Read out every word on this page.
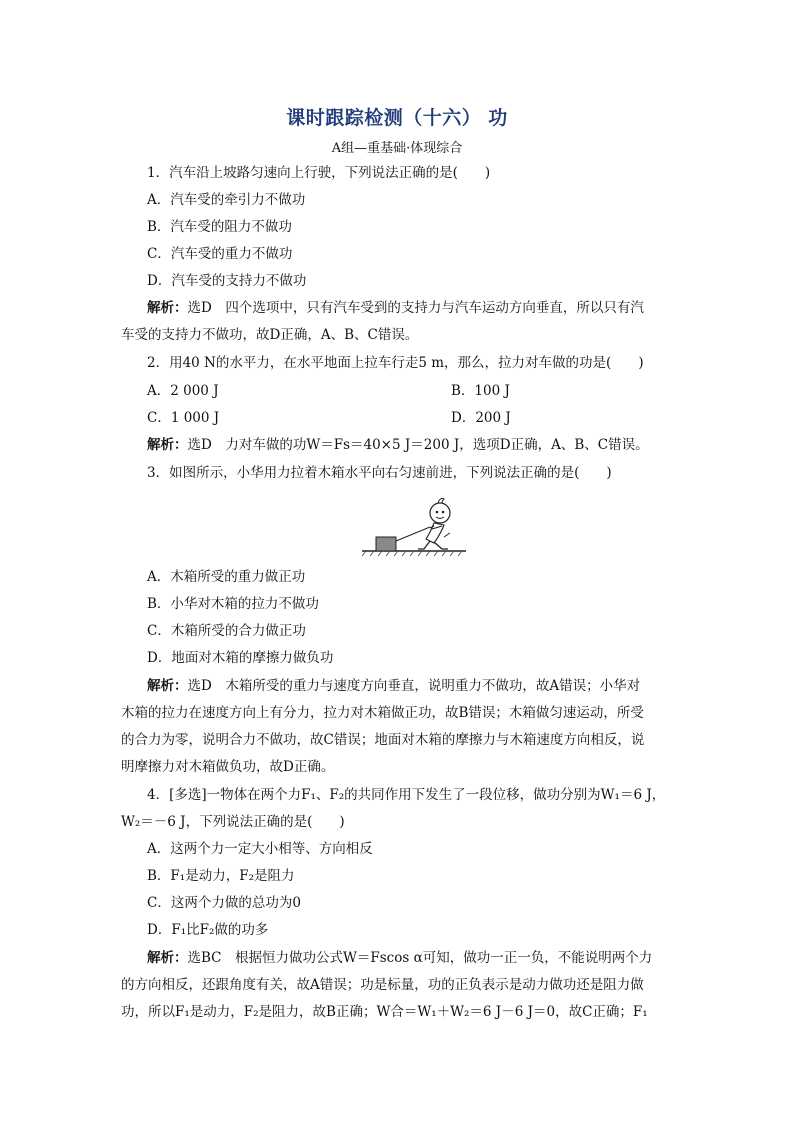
课时跟踪检测（十六） 功
A组—重基础·体现综合
1．汽车沿上坡路匀速向上行驶，下列说法正确的是(　　)
A．汽车受的牵引力不做功
B．汽车受的阻力不做功
C．汽车受的重力不做功
D．汽车受的支持力不做功
解析：选D　四个选项中，只有汽车受到的支持力与汽车运动方向垂直，所以只有汽
车受的支持力不做功，故D正确，A、B、C错误。
2．用40 N的水平力，在水平地面上拉车行走5 m，那么，拉力对车做的功是(　　)
A．2 000 J	B．100 J
C．1 000 J	D．200 J
解析：选D　力对车做的功W＝Fs＝40×5 J＝200 J，选项D正确，A、B、C错误。
3．如图所示，小华用力拉着木箱水平向右匀速前进，下列说法正确的是(　　)
A．木箱所受的重力做正功
B．小华对木箱的拉力不做功
C．木箱所受的合力做正功
D．地面对木箱的摩擦力做负功
解析：选D　木箱所受的重力与速度方向垂直，说明重力不做功，故A错误；小华对
木箱的拉力在速度方向上有分力，拉力对木箱做正功，故B错误；木箱做匀速运动，所受
的合力为零，说明合力不做功，故C错误；地面对木箱的摩擦力与木箱速度方向相反，说
明摩擦力对木箱做负功，故D正确。
4．[多选]一物体在两个力F₁、F₂的共同作用下发生了一段位移，做功分别为W₁＝6 J，
W₂＝－6 J，下列说法正确的是(　　)
A．这两个力一定大小相等、方向相反
B．F₁是动力，F₂是阻力
C．这两个力做的总功为0
D．F₁比F₂做的功多
解析：选BC　根据恒力做功公式W＝Fscos α可知，做功一正一负，不能说明两个力
的方向相反，还跟角度有关，故A错误；功是标量，功的正负表示是动力做功还是阻力做
功，所以F₁是动力，F₂是阻力，故B正确；W合＝W₁＋W₂＝6 J－6 J＝0，故C正确；F₁
